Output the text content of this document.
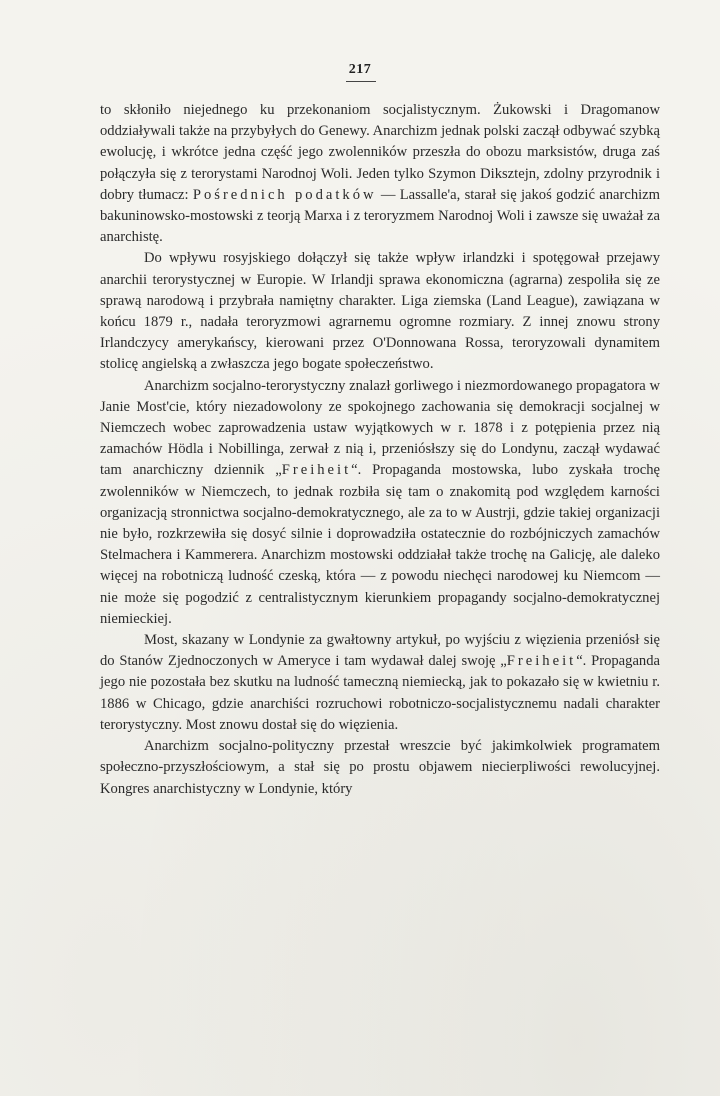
217

to skłoniło niejednego ku przekonaniom socjalistycznym. Żukowski i Dragomanow oddziaływali także na przybyłych do Genewy. Anarchizm jednak polski zaczął odbywać szybką ewolucję, i wkrótce jedna część jego zwolenników przeszła do obozu marksistów, druga zaś połączyła się z terorystami Narodnoj Woli. Jeden tylko Szymon Diksztejn, zdolny przyrodnik i dobry tłumacz: Pośrednich podatków — Lassalle'a, starał się jakoś godzić anarchizm bakuninowsko-mostowski z teorją Marxa i z teroryzmem Narodnoj Woli i zawsze się uważał za anarchistę.

Do wpływu rosyjskiego dołączył się także wpływ irlandzki i spotęgował przejawy anarchii terorystycznej w Europie. W Irlandji sprawa ekonomiczna (agrarna) zespoliła się ze sprawą narodową i przybrała namiętny charakter. Liga ziemska (Land League), zawiązana w końcu 1879 r., nadała teroryzmowi agrarnemu ogromne rozmiary. Z innej znowu strony Irlandczycy amerykańscy, kierowani przez O'Donnowana Rossa, teroryzowali dynamitem stolicę angielską a zwłaszcza jego bogate społeczeństwo.

Anarchizm socjalno-terorystyczny znalazł gorliwego i niezmordowanego propagatora w Janie Most'cie, który niezadowolony ze spokojnego zachowania się demokracji socjalnej w Niemczech wobec zaprowadzenia ustaw wyjątkowych w r. 1878 i z potępienia przez nią zamachów Hödla i Nobillinga, zerwał z nią i, przeniósłszy się do Londynu, zaczął wydawać tam anarchiczny dziennik „Freiheit“. Propaganda mostowska, lubo zyskała trochę zwolenników w Niemczech, to jednak rozbiła się tam o znakomitą pod względem karności organizacją stronnictwa socjalno-demokratycznego, ale za to w Austrji, gdzie takiej organizacji nie było, rozkrzewiła się dosyć silnie i doprowadziła ostatecznie do rozbójniczych zamachów Stelmachera i Kammerera. Anarchizm mostowski oddziałał także trochę na Galicję, ale daleko więcej na robotniczą ludność czeską, która — z powodu niechęci narodowej ku Niemcom — nie może się pogodzić z centralistycznym kierunkiem propagandy socjalno-demokratycznej niemieckiej.

Most, skazany w Londynie za gwałtowny artykuł, po wyjściu z więzienia przeniósł się do Stanów Zjednoczonych w Ameryce i tam wydawał dalej swoję „Freiheit“. Propaganda jego nie pozostała bez skutku na ludność tameczną niemiecką, jak to pokazało się w kwietniu r. 1886 w Chicago, gdzie anarchiści rozruchowi robotniczo-socjalistycznemu nadali charakter terorystyczny. Most znowu dostał się do więzienia.

Anarchizm socjalno-polityczny przestał wreszcie być jakimkolwiek programatem społeczno-przyszłościowym, a stał się po prostu objawem niecierpliwości rewolucyjnej. Kongres anarchistyczny w Londynie, który
